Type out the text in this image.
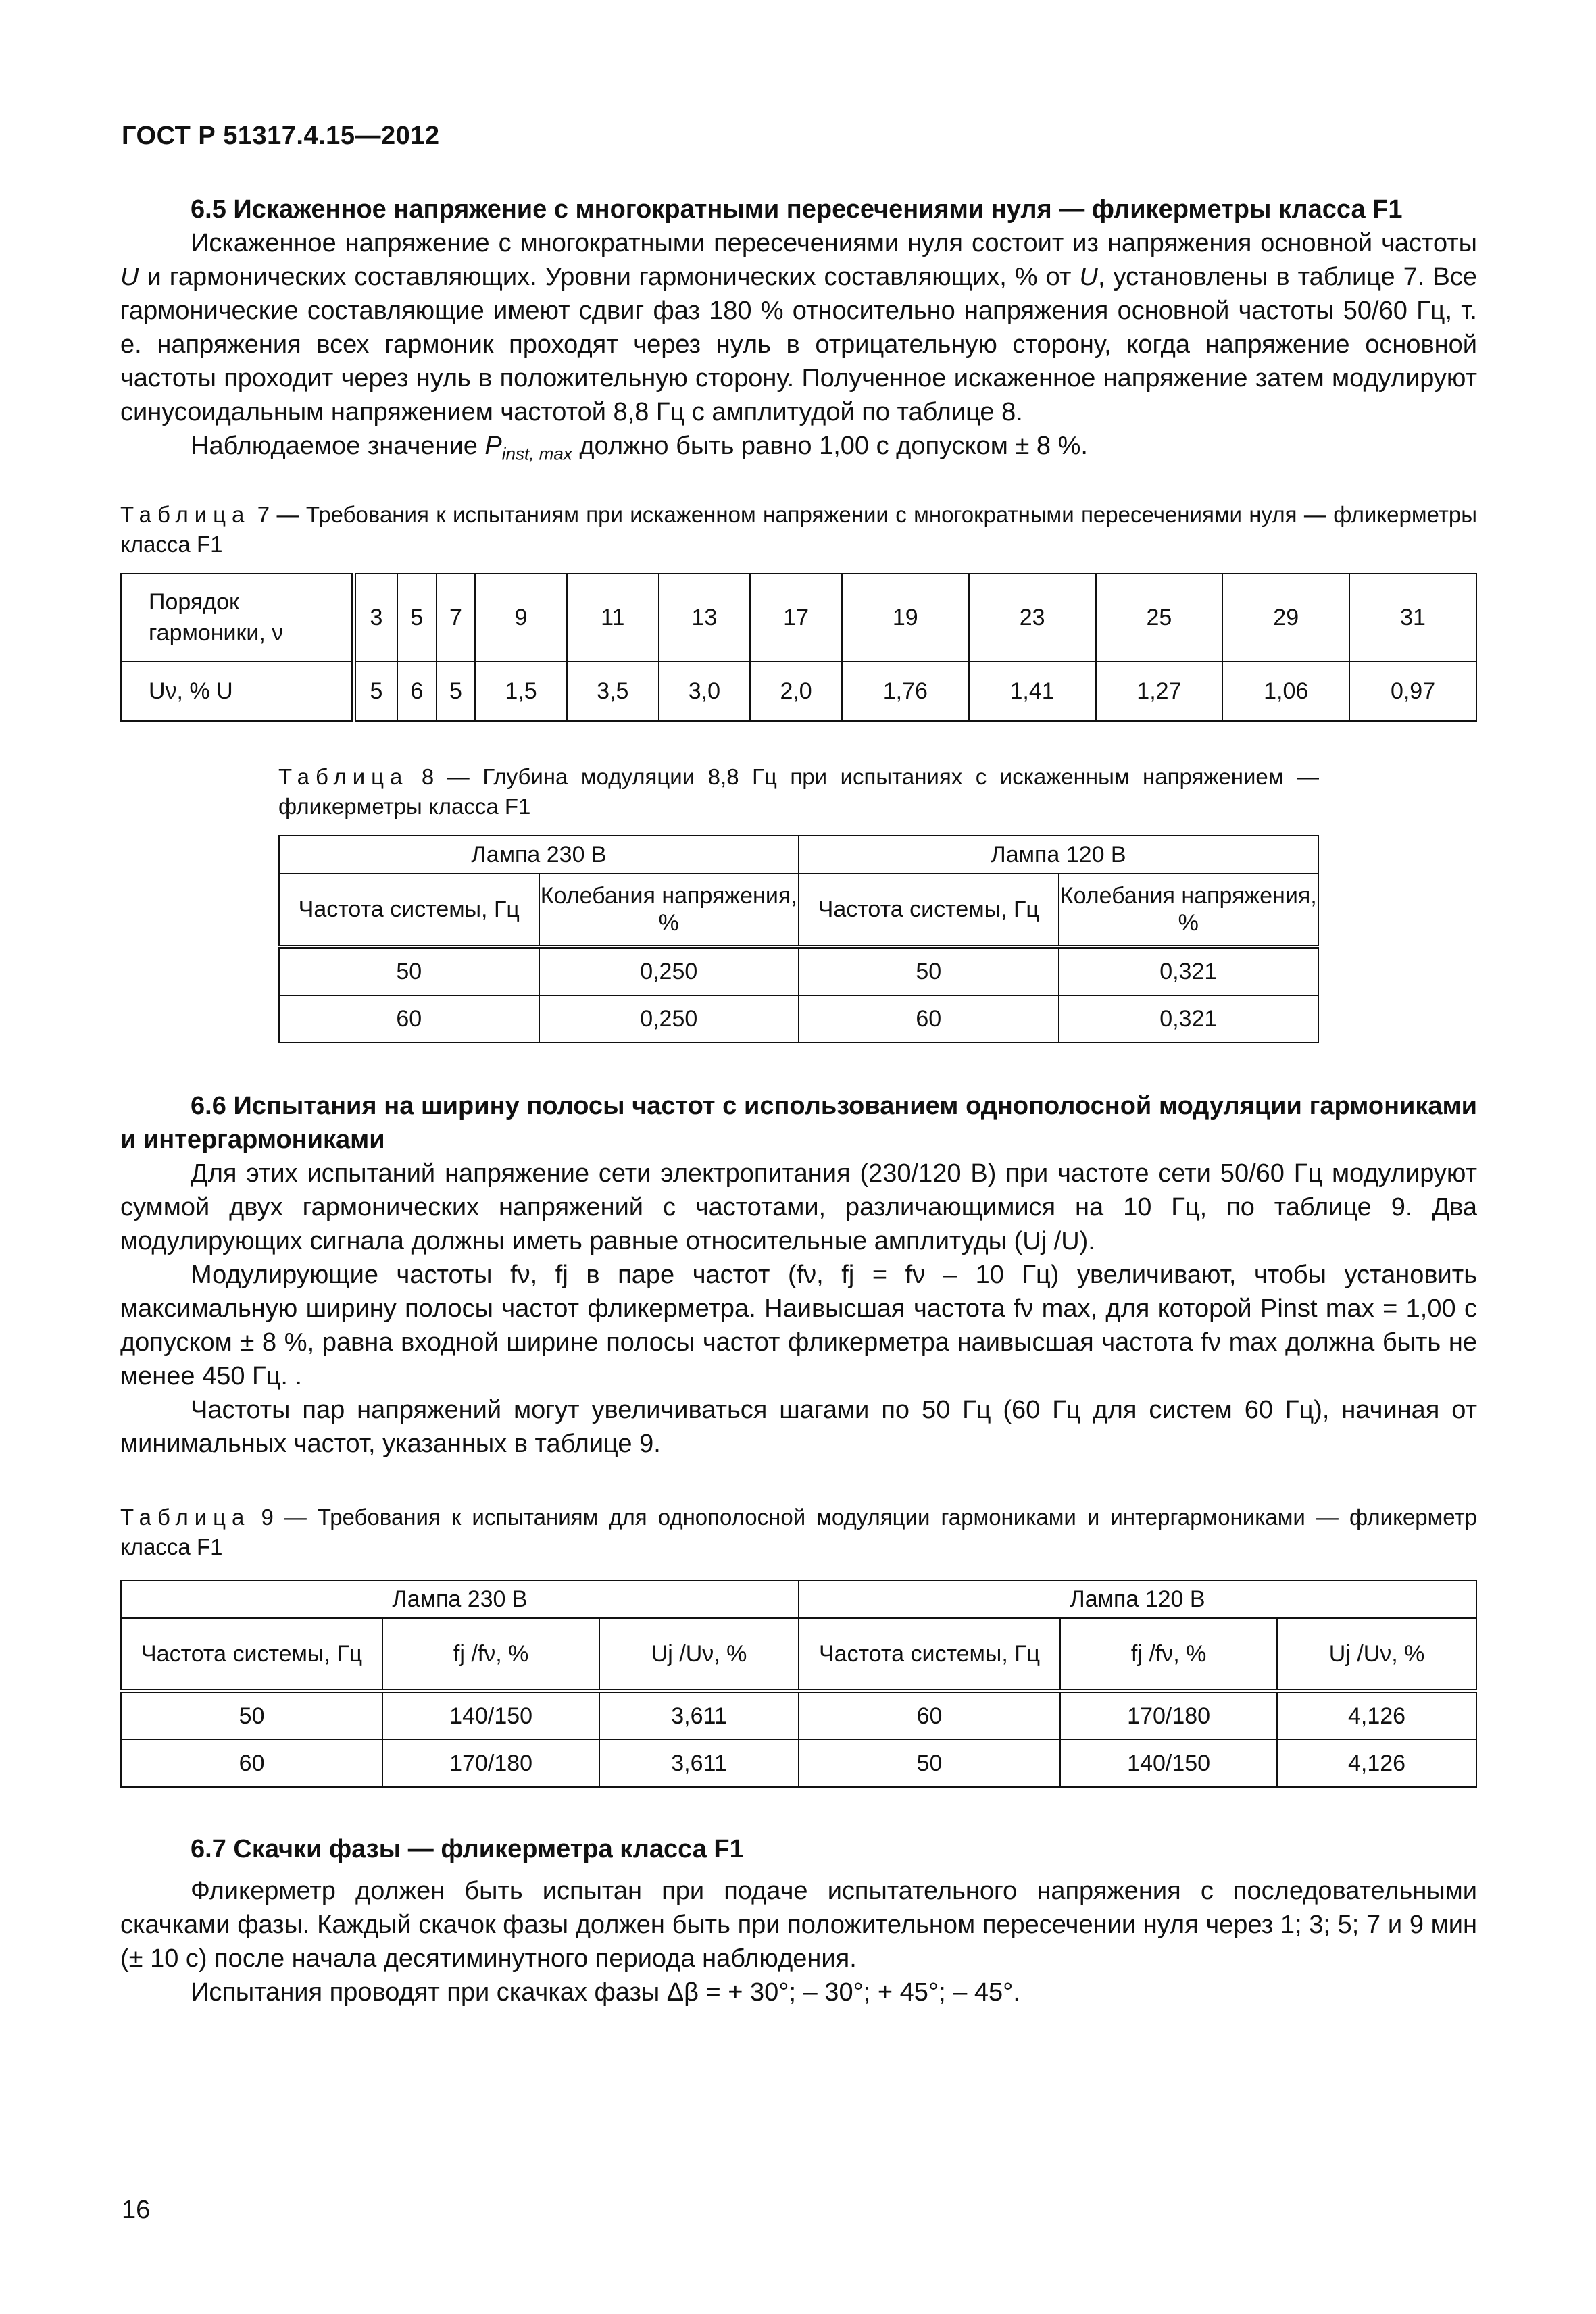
ГОСТ Р 51317.4.15—2012

6.5 Искаженное напряжение с многократными пересечениями нуля — фликерметры класса F1

Искаженное напряжение с многократными пересечениями нуля состоит из напряжения основной частоты U и гармонических составляющих. Уровни гармонических составляющих, % от U, установлены в таблице 7. Все гармонические составляющие имеют сдвиг фаз 180 % относительно напряжения основной частоты 50/60 Гц, т. е. напряжения всех гармоник проходят через нуль в отрицательную сторону, когда напряжение основной частоты проходит через нуль в положительную сторону. Полученное искаженное напряжение затем модулируют синусоидальным напряжением частотой 8,8 Гц с амплитудой по таблице 8.

Наблюдаемое значение $P_{inst, max}$ должно быть равно 1,00 с допуском ± 8 %.

Таблица 7 — Требования к испытаниям при искаженном напряжении с многократными пересечениями нуля — фликерметры класса F1

Порядок гармоники, ν	3	5	7	9	11	13	17	19	23	25	29	31
Uν, % U	5	6	5	1,5	3,5	3,0	2,0	1,76	1,41	1,27	1,06	0,97

Таблица 8 — Глубина модуляции 8,8 Гц при испытаниях с искаженным напряжением — фликерметры класса F1

Лампа 230 В		Лампа 120 В	
Частота системы, Гц	Колебания напряжения, %	Частота системы, Гц	Колебания напряжения, %
50	0,250	50	0,321
60	0,250	60	0,321

6.6 Испытания на ширину полосы частот с использованием однополосной модуляции гармониками и интергармониками

Для этих испытаний напряжение сети электропитания (230/120 В) при частоте сети 50/60 Гц модулируют суммой двух гармонических напряжений с частотами, различающимися на 10 Гц, по таблице 9. Два модулирующих сигнала должны иметь равные относительные амплитуды (Uj /U).

Модулирующие частоты fν, fj в паре частот (fν, fj = fν – 10 Гц) увеличивают, чтобы установить максимальную ширину полосы частот фликерметра. Наивысшая частота fν max, для которой Pinst max = 1,00 с допуском ± 8 %, равна входной ширине полосы частот фликерметра наивысшая частота fν max должна быть не менее 450 Гц. .

Частоты пар напряжений могут увеличиваться шагами по 50 Гц (60 Гц для систем 60 Гц), начиная от минимальных частот, указанных в таблице 9.

Таблица 9 — Требования к испытаниям для однополосной модуляции гармониками и интергармониками — фликерметр класса F1

Лампа 230 В			Лампа 120 В		
Частота системы, Гц	fj /fν, %	Uj /Uν, %	Частота системы, Гц	fj /fν, %	Uj /Uν, %
50	140/150	3,611	60	170/180	4,126
60	170/180	3,611	50	140/150	4,126

6.7 Скачки фазы — фликерметра класса F1

Фликерметр должен быть испытан при подаче испытательного напряжения с последовательными скачками фазы. Каждый скачок фазы должен быть при положительном пересечении нуля через 1; 3; 5; 7 и 9 мин (± 10 с) после начала десятиминутного периода наблюдения.

Испытания проводят при скачках фазы Δβ = + 30°; – 30°; + 45°; – 45°.

16
